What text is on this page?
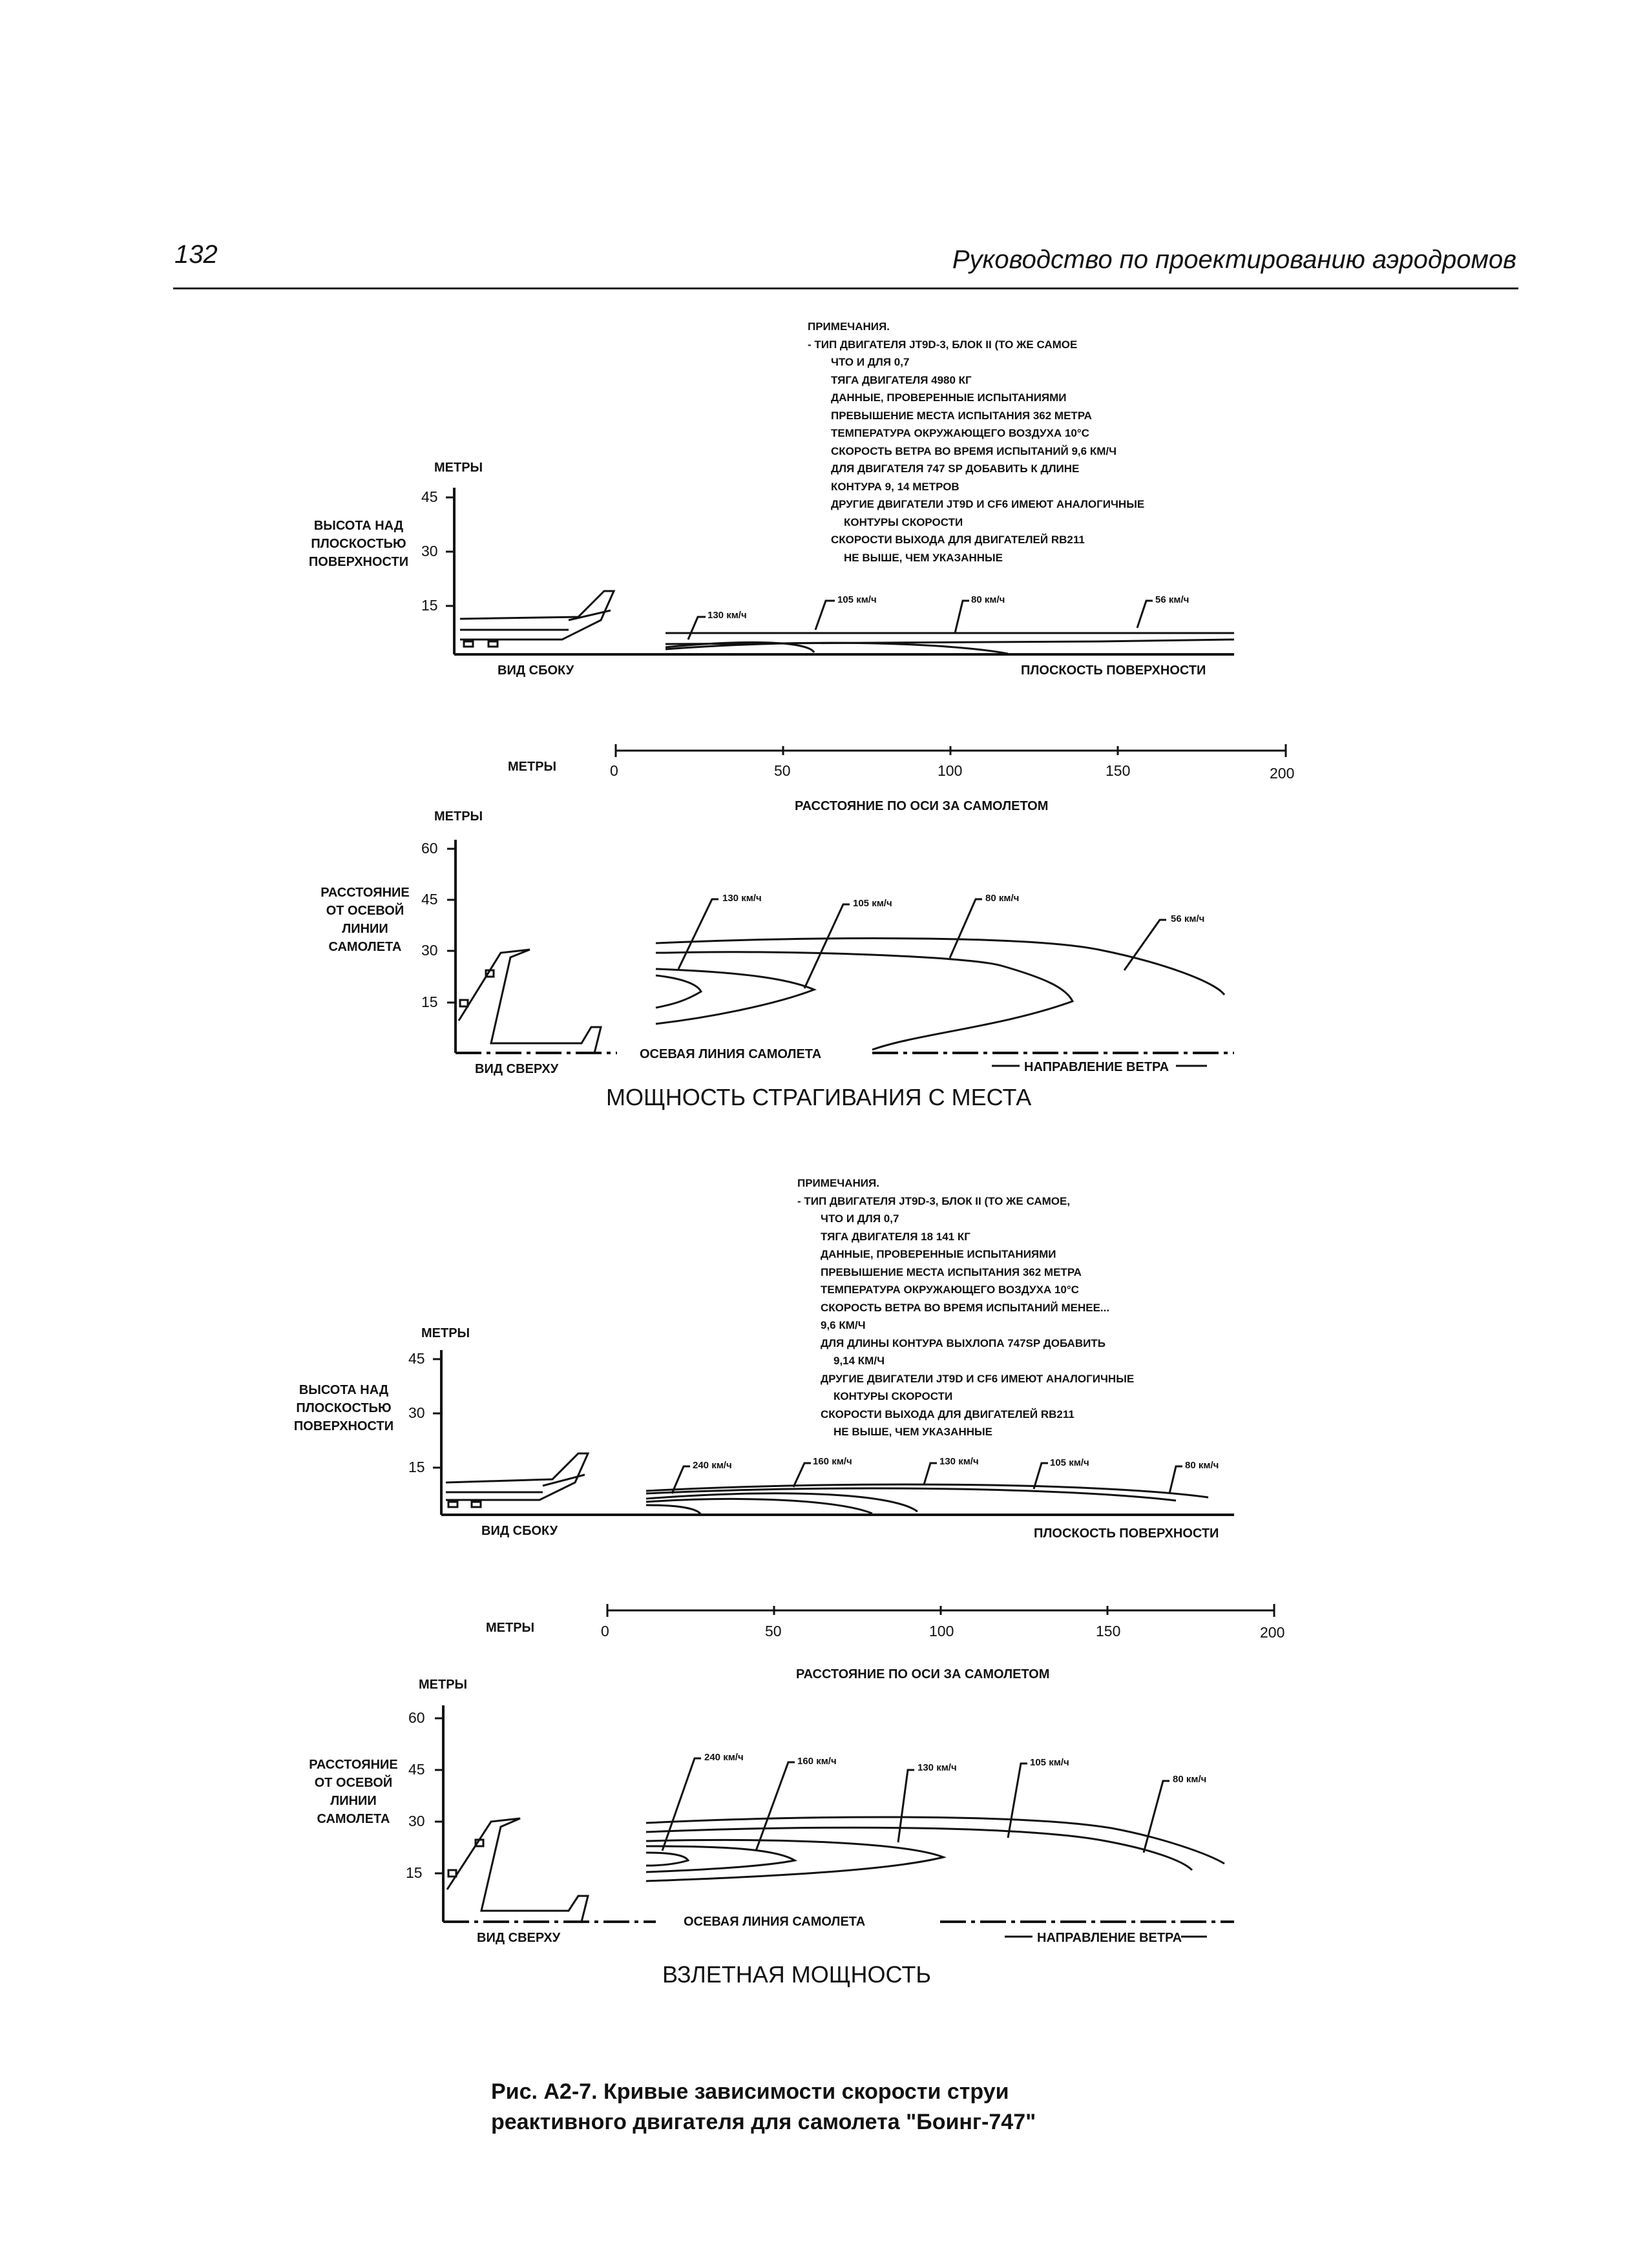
132	Руководство по проектированию аэродромов
ПРИМЕЧАНИЯ.
- ТИП ДВИГАТЕЛЯ JT9D-3, БЛОК II (ТО ЖЕ САМОЕ
ЧТО И ДЛЯ 0,7
ТЯГА ДВИГАТЕЛЯ 4980 КГ
ДАННЫЕ, ПРОВЕРЕННЫЕ ИСПЫТАНИЯМИ
ПРЕВЫШЕНИЕ МЕСТА ИСПЫТАНИЯ 362 МЕТРА
ТЕМПЕРАТУРА ОКРУЖАЮЩЕГО ВОЗДУХА 10°C
СКОРОСТЬ ВЕТРА ВО ВРЕМЯ ИСПЫТАНИЙ 9,6 КМ/Ч
ДЛЯ ДВИГАТЕЛЯ 747 SP ДОБАВИТЬ К ДЛИНЕ
КОНТУРА 9, 14 МЕТРОВ
ДРУГИЕ ДВИГАТЕЛИ JT9D И CF6 ИМЕЮТ АНАЛОГИЧНЫЕ
КОНТУРЫ СКОРОСТИ
СКОРОСТИ ВЫХОДА ДЛЯ ДВИГАТЕЛЕЙ RB211
НЕ ВЫШЕ, ЧЕМ УКАЗАННЫЕ
МЕТРЫ
ВЫСОТА НАД
ПЛОСКОСТЬЮ
ПОВЕРХНОСТИ
45
30
15
ВИД СБОКУ	ПЛОСКОСТЬ ПОВЕРХНОСТИ
130 км/ч
105 км/ч	80 км/ч	56 км/ч
МЕТРЫ	0	50	100	150	200
РАССТОЯНИЕ ПО ОСИ ЗА САМОЛЕТОМ
МЕТРЫ
РАССТОЯНИЕ
ОТ ОСЕВОЙ
ЛИНИИ
САМОЛЕТА
60
45
30
15
ВИД СВЕРХУ
ОСЕВАЯ ЛИНИЯ САМОЛЕТА
НАПРАВЛЕНИЕ ВЕТРА
130 км/ч	105 км/ч	80 км/ч
56 км/ч
МОЩНОСТЬ СТРАГИВАНИЯ С МЕСТА
ПРИМЕЧАНИЯ.
- ТИП ДВИГАТЕЛЯ JT9D-3, БЛОК II (ТО ЖЕ САМОЕ,
ЧТО И ДЛЯ 0,7
ТЯГА ДВИГАТЕЛЯ 18 141 КГ
ДАННЫЕ, ПРОВЕРЕННЫЕ ИСПЫТАНИЯМИ
ПРЕВЫШЕНИЕ МЕСТА ИСПЫТАНИЯ 362 МЕТРА
ТЕМПЕРАТУРА ОКРУЖАЮЩЕГО ВОЗДУХА 10°C
СКОРОСТЬ ВЕТРА ВО ВРЕМЯ ИСПЫТАНИЙ МЕНЕЕ...
9,6 КМ/Ч
ДЛЯ ДЛИНЫ КОНТУРА ВЫХЛОПА 747SP ДОБАВИТЬ
9,14 КМ/Ч
ДРУГИЕ ДВИГАТЕЛИ JT9D И CF6 ИМЕЮТ АНАЛОГИЧНЫЕ
КОНТУРЫ СКОРОСТИ
СКОРОСТИ ВЫХОДА ДЛЯ ДВИГАТЕЛЕЙ RB211
НЕ ВЫШЕ, ЧЕМ УКАЗАННЫЕ
МЕТРЫ
ВЫСОТА НАД
ПЛОСКОСТЬЮ
ПОВЕРХНОСТИ
45
30
15
ВИД СБОКУ	ПЛОСКОСТЬ ПОВЕРХНОСТИ
240 км/ч	160 км/ч	130 км/ч	105 км/ч	80 км/ч
МЕТРЫ	0	50	100	150	200
РАССТОЯНИЕ ПО ОСИ ЗА САМОЛЕТОМ
МЕТРЫ
РАССТОЯНИЕ
ОТ ОСЕВОЙ
ЛИНИИ
САМОЛЕТА
60
45
30
15
ВИД СВЕРХУ
ОСЕВАЯ ЛИНИЯ САМОЛЕТА
НАПРАВЛЕНИЕ ВЕТРА
240 км/ч	160 км/ч
130 км/ч	105 км/ч
80 км/ч
ВЗЛЕТНАЯ МОЩНОСТЬ
Рис. А2-7. Кривые зависимости скорости струи
реактивного двигателя для самолета "Боинг-747"
